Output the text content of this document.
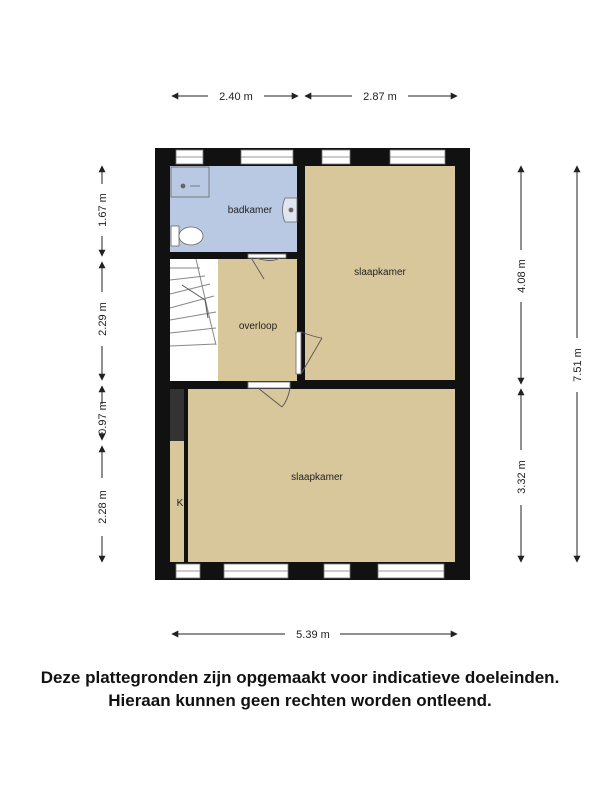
badkamer
slaapkamer
overloop
slaapkamer
K
2.40 m	2.87 m
1.67 m
2.29 m
0.97 m
2.28 m
4.08 m
3.32 m
7.51 m
5.39 m
Deze plattegronden zijn opgemaakt voor indicatieve doeleinden.
Hieraan kunnen geen rechten worden ontleend.
